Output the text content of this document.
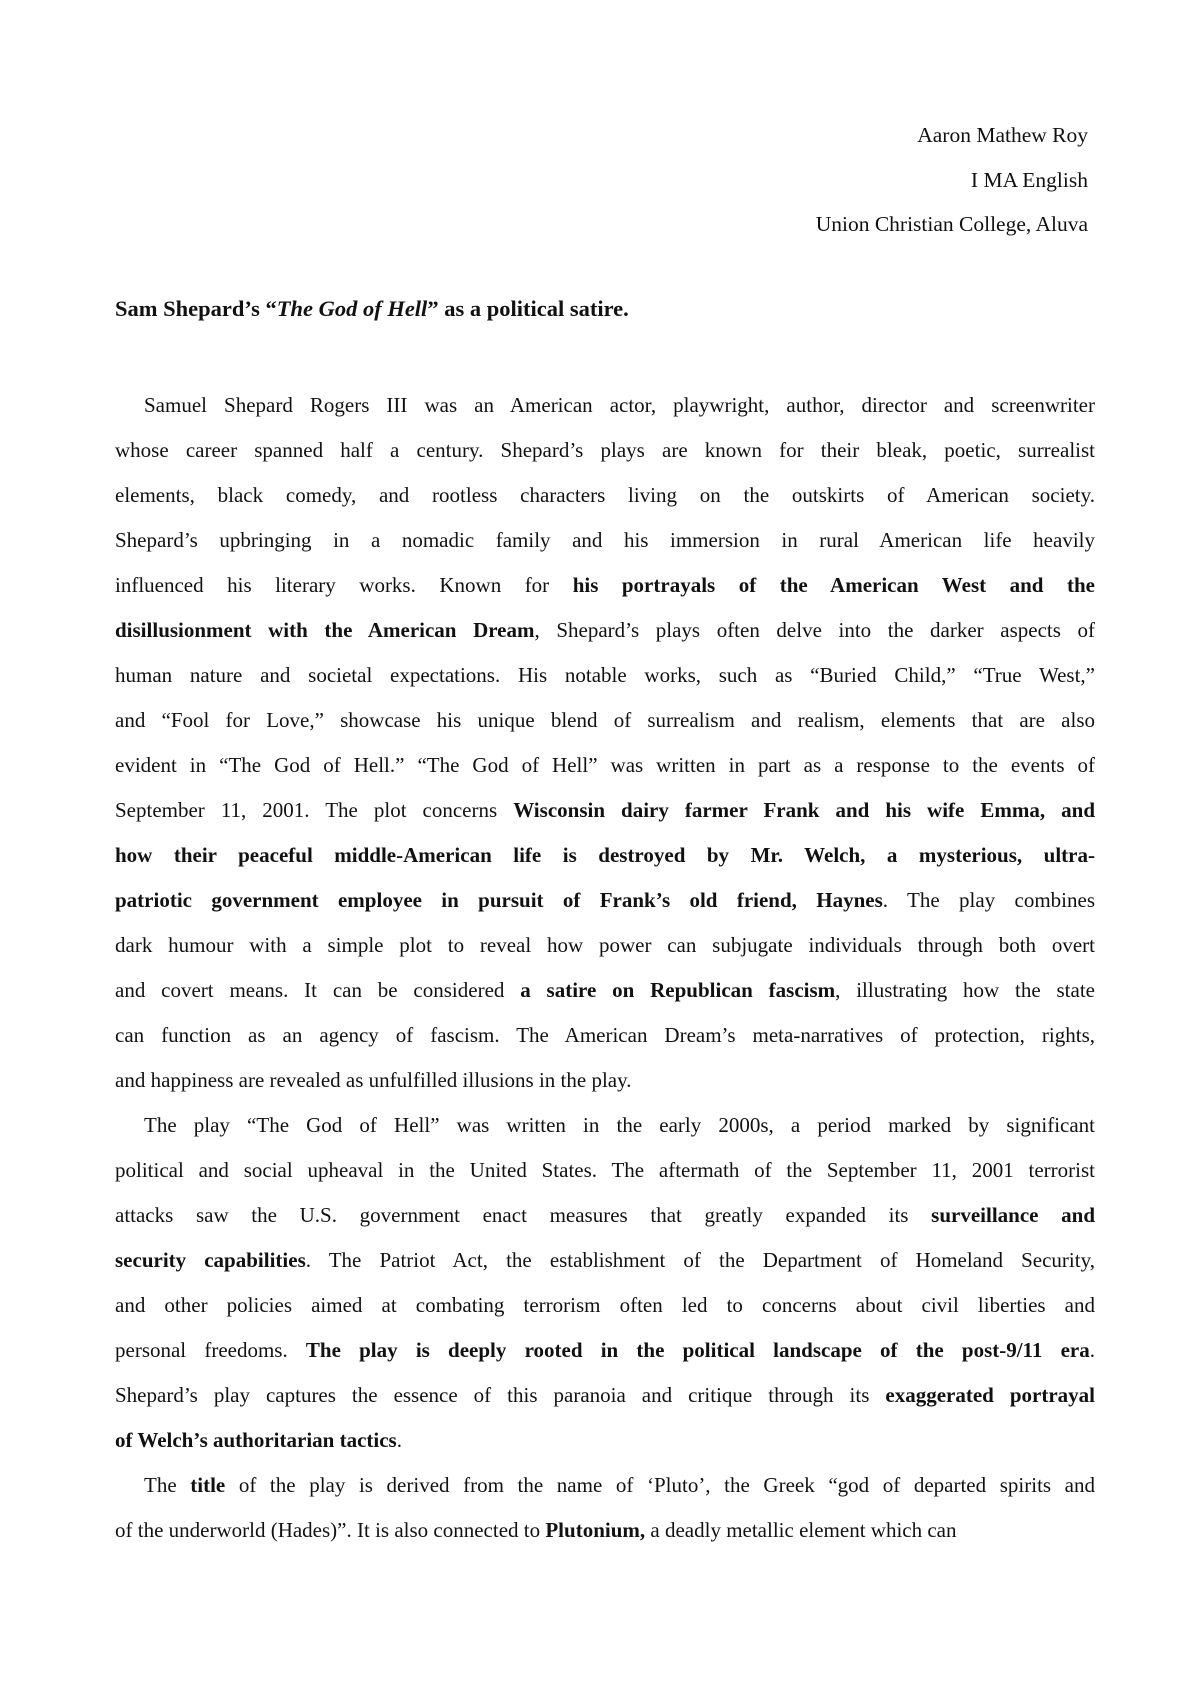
Aaron Mathew Roy
I MA English
Union Christian College, Aluva
Sam Shepard’s “The God of Hell” as a political satire.
Samuel Shepard Rogers III was an American actor, playwright, author, director and screenwriter
whose career spanned half a century. Shepard’s plays are known for their bleak, poetic, surrealist
elements, black comedy, and rootless characters living on the outskirts of American society.
Shepard’s upbringing in a nomadic family and his immersion in rural American life heavily
influenced his literary works. Known for his portrayals of the American West and the
disillusionment with the American Dream, Shepard’s plays often delve into the darker aspects of
human nature and societal expectations. His notable works, such as “Buried Child,” “True West,”
and “Fool for Love,” showcase his unique blend of surrealism and realism, elements that are also
evident in “The God of Hell.” “The God of Hell” was written in part as a response to the events of
September 11, 2001. The plot concerns Wisconsin dairy farmer Frank and his wife Emma, and
how their peaceful middle-American life is destroyed by Mr. Welch, a mysterious, ultra-
patriotic government employee in pursuit of Frank’s old friend, Haynes. The play combines
dark humour with a simple plot to reveal how power can subjugate individuals through both overt
and covert means. It can be considered a satire on Republican fascism, illustrating how the state
can function as an agency of fascism. The American Dream’s meta-narratives of protection, rights,
and happiness are revealed as unfulfilled illusions in the play.
The play “The God of Hell” was written in the early 2000s, a period marked by significant
political and social upheaval in the United States. The aftermath of the September 11, 2001 terrorist
attacks saw the U.S. government enact measures that greatly expanded its surveillance and
security capabilities. The Patriot Act, the establishment of the Department of Homeland Security,
and other policies aimed at combating terrorism often led to concerns about civil liberties and
personal freedoms. The play is deeply rooted in the political landscape of the post-9/11 era.
Shepard’s play captures the essence of this paranoia and critique through its exaggerated portrayal
of Welch’s authoritarian tactics.
The title of the play is derived from the name of ‘Pluto’, the Greek “god of departed spirits and
of the underworld (Hades)”. It is also connected to Plutonium, a deadly metallic element which can
